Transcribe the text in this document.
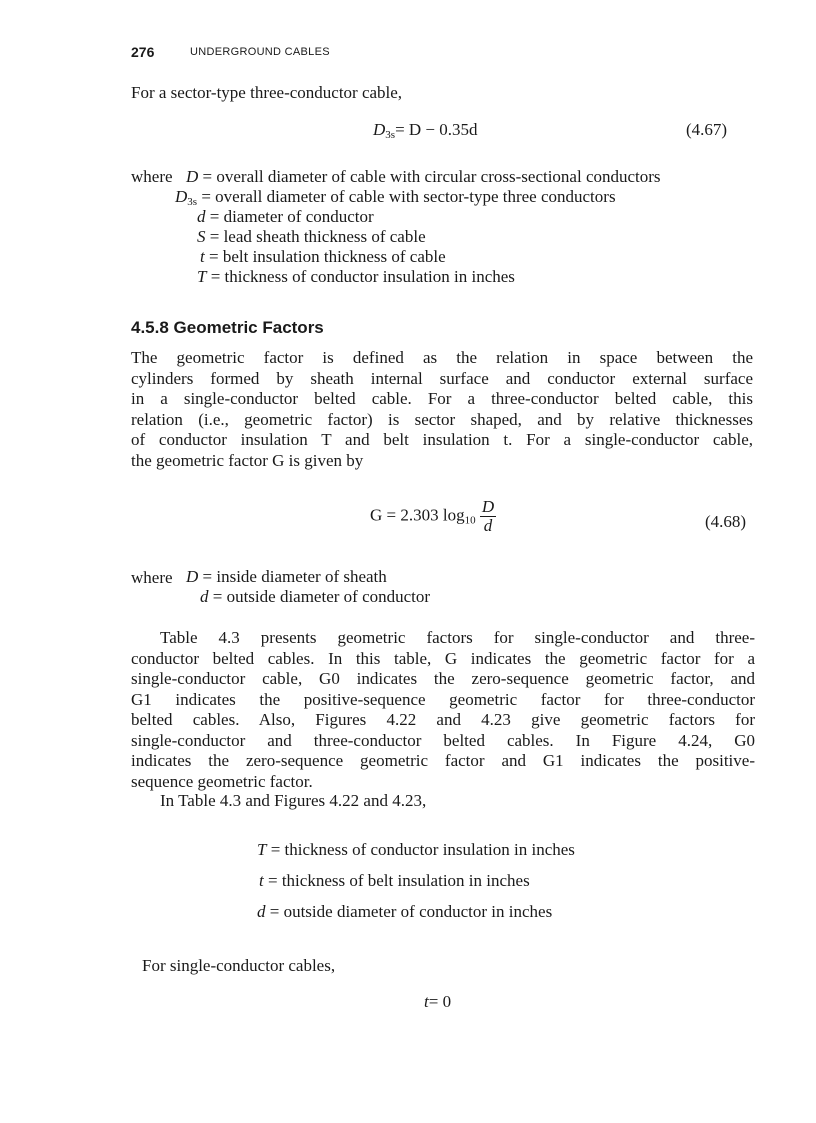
276	UNDERGROUND CABLES
For a sector-type three-conductor cable,
$D_{3s}= D - 0.35d$	(4.67)
where D = overall diameter of cable with circular cross-sectional conductors
$D_{3s}$ = overall diameter of cable with sector-type three conductors
d = diameter of conductor
S = lead sheath thickness of cable
t = belt insulation thickness of cable
T = thickness of conductor insulation in inches
4.5.8 Geometric Factors
The geometric factor is defined as the relation in space between the
cylinders formed by sheath internal surface and conductor external surface
in a single-conductor belted cable. For a three-conductor belted cable, this
relation (i.e., geometric factor) is sector shaped, and by relative thicknesses
of conductor insulation T and belt insulation t. For a single-conductor cable,
the geometric factor G is given by
G = 2.303 $\log_{10} \frac{D}{d}$	(4.68)
where D = inside diameter of sheath
d = outside diameter of conductor
Table 4.3 presents geometric factors for single-conductor and three-
conductor belted cables. In this table, G indicates the geometric factor for a
single-conductor cable, G0 indicates the zero-sequence geometric factor, and
G1 indicates the positive-sequence geometric factor for three-conductor
belted cables. Also, Figures 4.22 and 4.23 give geometric factors for
single-conductor and three-conductor belted cables. In Figure 4.24, G0
indicates the zero-sequence geometric factor and G1 indicates the positive-
sequence geometric factor.
In Table 4.3 and Figures 4.22 and 4.23,
T = thickness of conductor insulation in inches
t = thickness of belt insulation in inches
d = outside diameter of conductor in inches
For single-conductor cables,
t= 0
